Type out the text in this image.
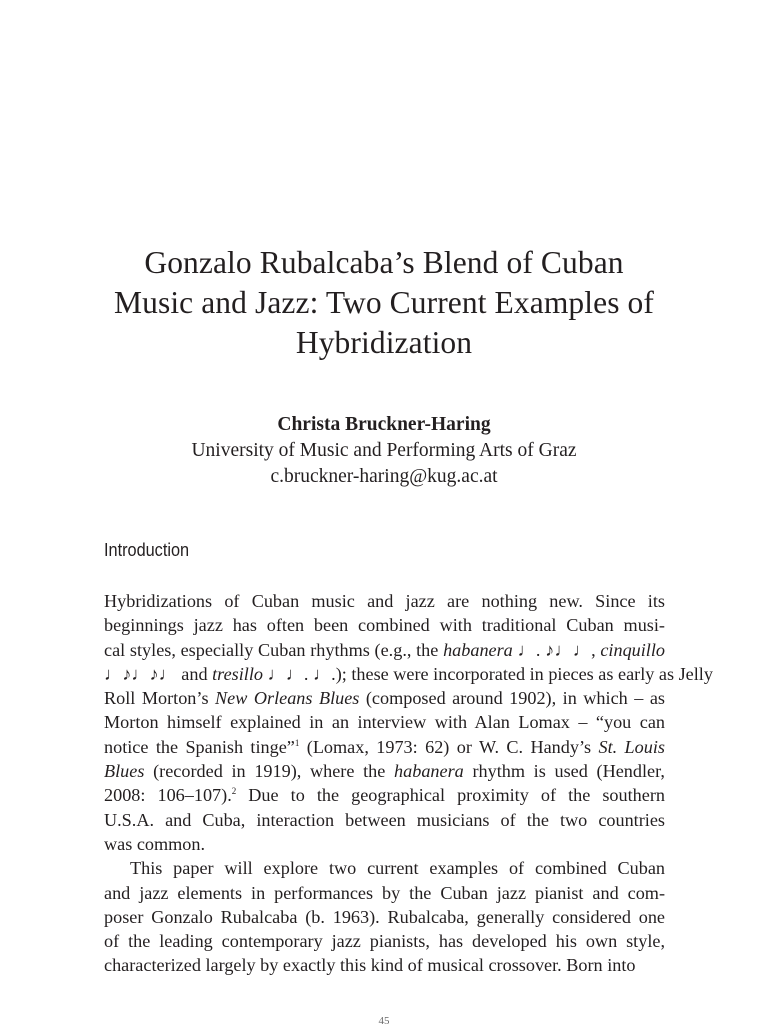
Gonzalo Rubalcaba’s Blend of Cuban
Music and Jazz: Two Current Examples of
Hybridization
Christa Bruckner-Haring
University of Music and Performing Arts of Graz
c.bruckner-haring@kug.ac.at
Introduction
Hybridizations of Cuban music and jazz are nothing new. Since its
beginnings jazz has often been combined with traditional Cuban musi-
cal styles, especially Cuban rhythms (e.g., the habanera ♩. ♪♩♩, cinquillo
♩♪♩♪♩ and tresillo ♩♩. ♩.); these were incorporated in pieces as early as Jelly
Roll Morton’s New Orleans Blues (composed around 1902), in which – as
Morton himself explained in an interview with Alan Lomax – “you can
notice the Spanish tinge”$^1$ (Lomax, 1973: 62) or W. C. Handy’s St. Louis
Blues (recorded in 1919), where the habanera rhythm is used (Hendler,
2008: 106–107).$^2$ Due to the geographical proximity of the southern
U.S.A. and Cuba, interaction between musicians of the two countries
was common.
This paper will explore two current examples of combined Cuban
and jazz elements in performances by the Cuban jazz pianist and com-
poser Gonzalo Rubalcaba (b. 1963). Rubalcaba, generally considered one
of the leading contemporary jazz pianists, has developed his own style,
characterized largely by exactly this kind of musical crossover. Born into
45
